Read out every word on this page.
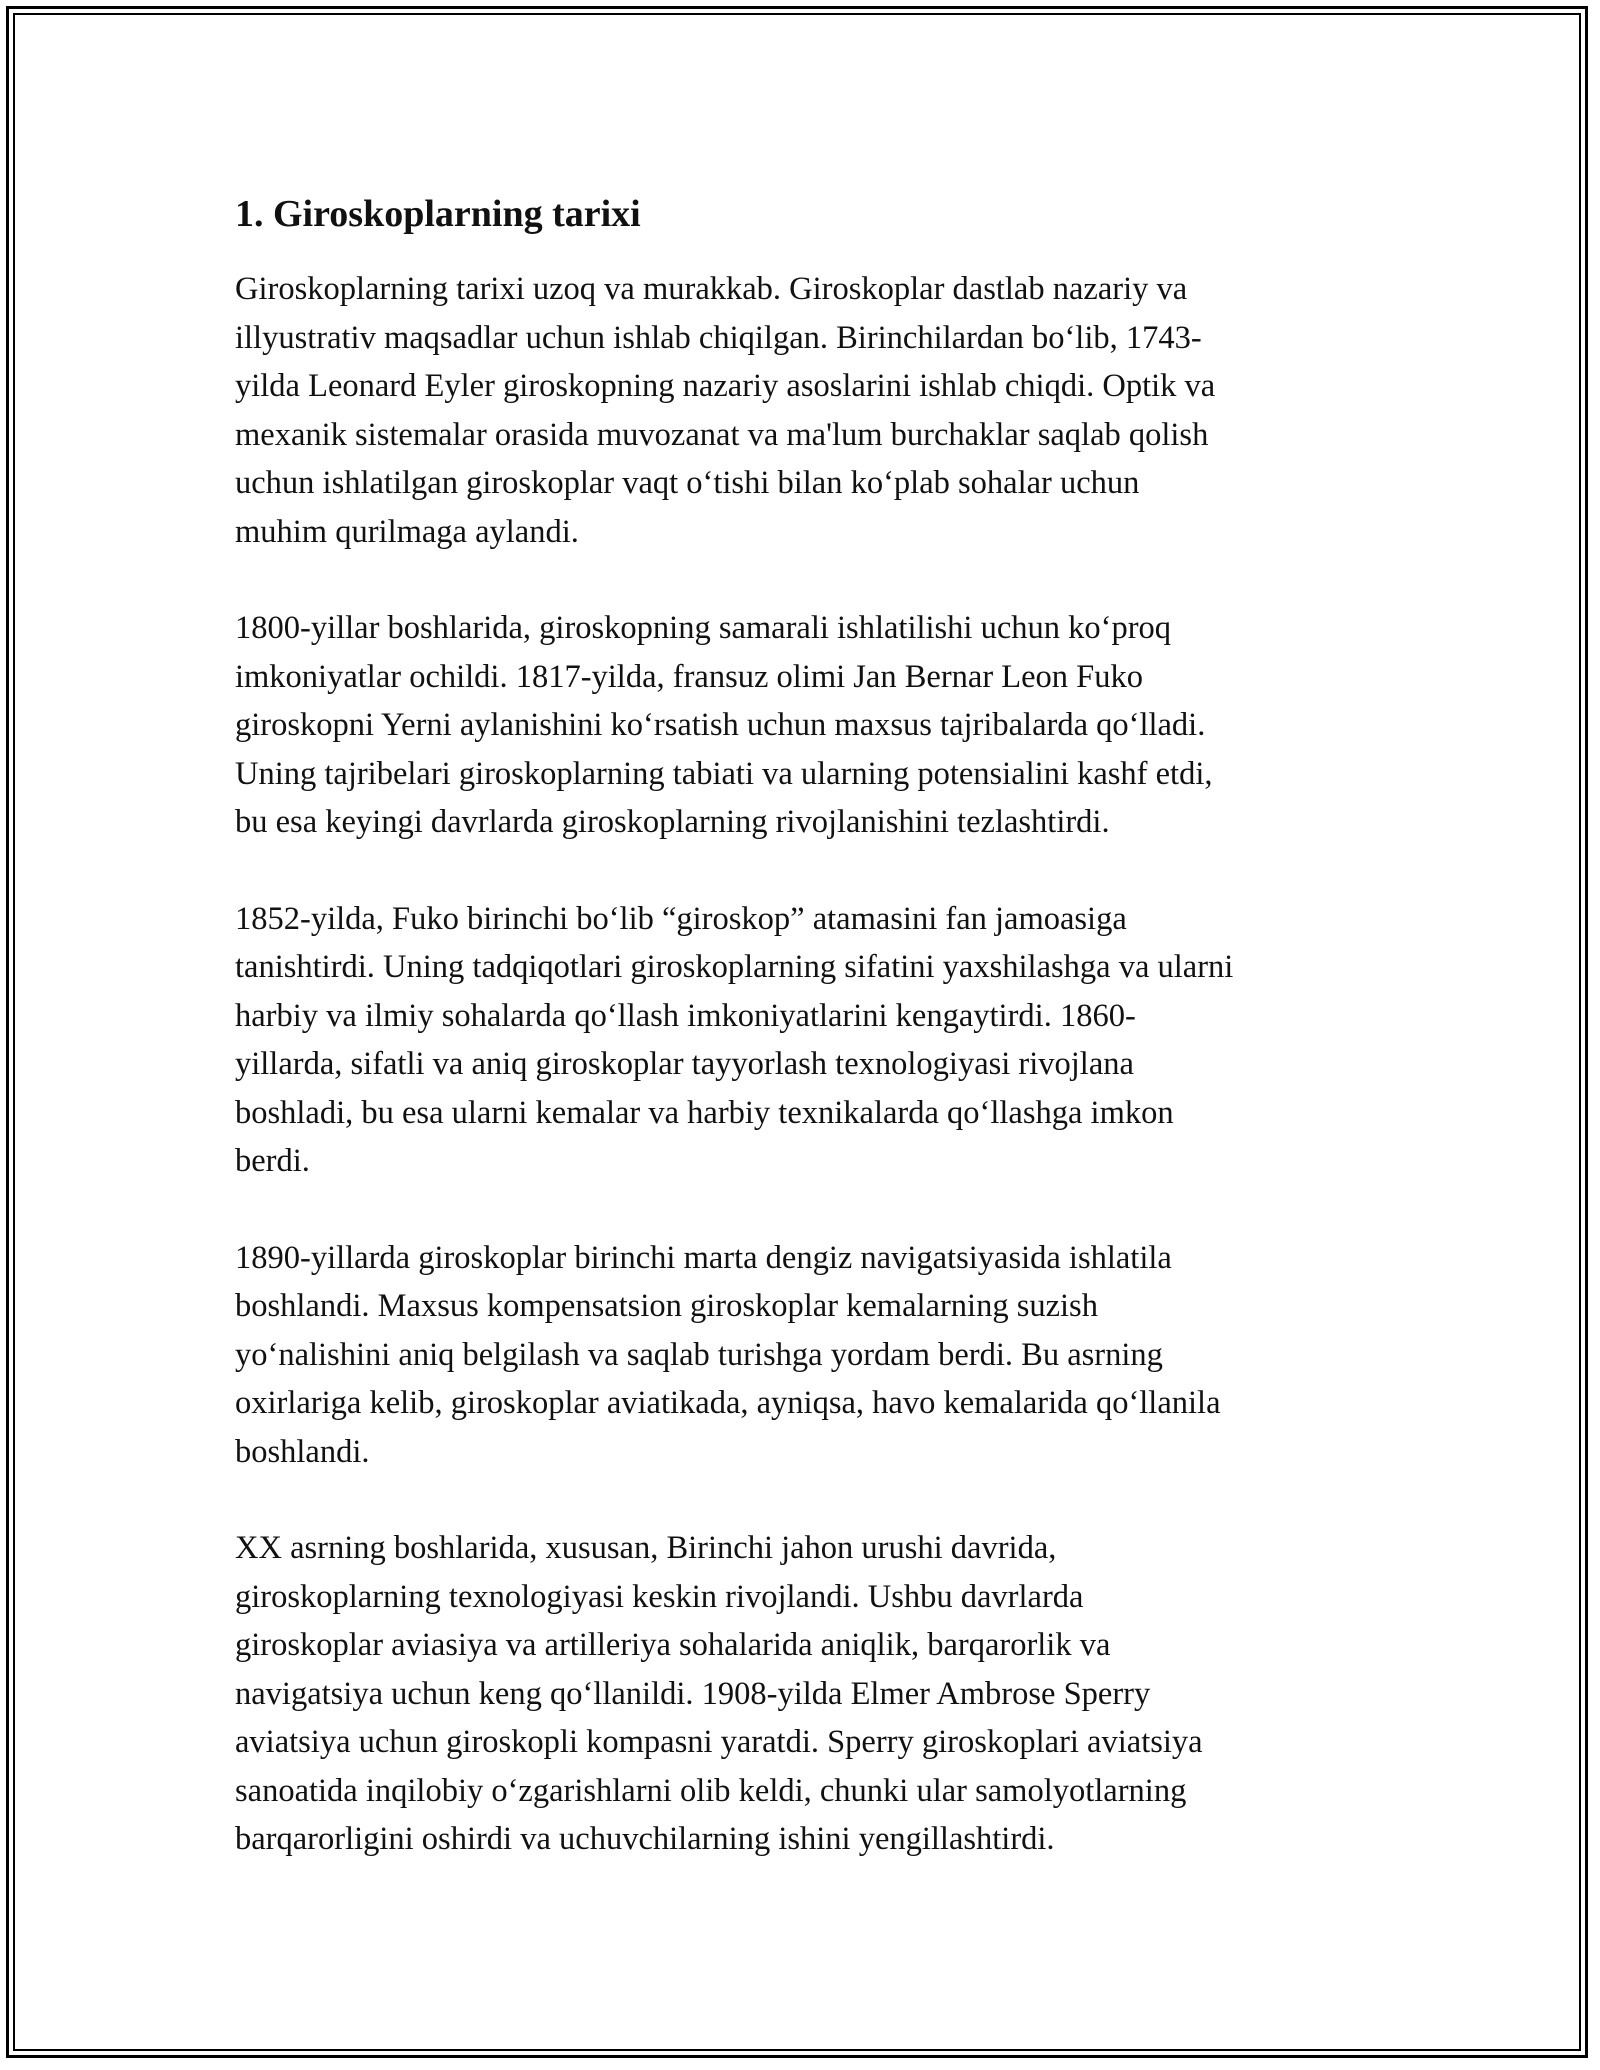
1. Giroskoplarning tarixi

Giroskoplarning tarixi uzoq va murakkab. Giroskoplar dastlab nazariy va
illyustrativ maqsadlar uchun ishlab chiqilgan. Birinchilardan bo‘lib, 1743-
yilda Leonard Eyler giroskopning nazariy asoslarini ishlab chiqdi. Optik va
mexanik sistemalar orasida muvozanat va ma'lum burchaklar saqlab qolish
uchun ishlatilgan giroskoplar vaqt o‘tishi bilan ko‘plab sohalar uchun
muhim qurilmaga aylandi.

1800-yillar boshlarida, giroskopning samarali ishlatilishi uchun ko‘proq
imkoniyatlar ochildi. 1817-yilda, fransuz olimi Jan Bernar Leon Fuko
giroskopni Yerni aylanishini ko‘rsatish uchun maxsus tajribalarda qo‘lladi.
Uning tajribelari giroskoplarning tabiati va ularning potensialini kashf etdi,
bu esa keyingi davrlarda giroskoplarning rivojlanishini tezlashtirdi.

1852-yilda, Fuko birinchi bo‘lib “giroskop” atamasini fan jamoasiga
tanishtirdi. Uning tadqiqotlari giroskoplarning sifatini yaxshilashga va ularni
harbiy va ilmiy sohalarda qo‘llash imkoniyatlarini kengaytirdi. 1860-
yillarda, sifatli va aniq giroskoplar tayyorlash texnologiyasi rivojlana
boshladi, bu esa ularni kemalar va harbiy texnikalarda qo‘llashga imkon
berdi.

1890-yillarda giroskoplar birinchi marta dengiz navigatsiyasida ishlatila
boshlandi. Maxsus kompensatsion giroskoplar kemalarning suzish
yo‘nalishini aniq belgilash va saqlab turishga yordam berdi. Bu asrning
oxirlariga kelib, giroskoplar aviatikada, ayniqsa, havo kemalarida qo‘llanila
boshlandi.

XX asrning boshlarida, xususan, Birinchi jahon urushi davrida,
giroskoplarning texnologiyasi keskin rivojlandi. Ushbu davrlarda
giroskoplar aviasiya va artilleriya sohalarida aniqlik, barqarorlik va
navigatsiya uchun keng qo‘llanildi. 1908-yilda Elmer Ambrose Sperry
aviatsiya uchun giroskopli kompasni yaratdi. Sperry giroskoplari aviatsiya
sanoatida inqilobiy o‘zgarishlarni olib keldi, chunki ular samolyotlarning
barqarorligini oshirdi va uchuvchilarning ishini yengillashtirdi.
